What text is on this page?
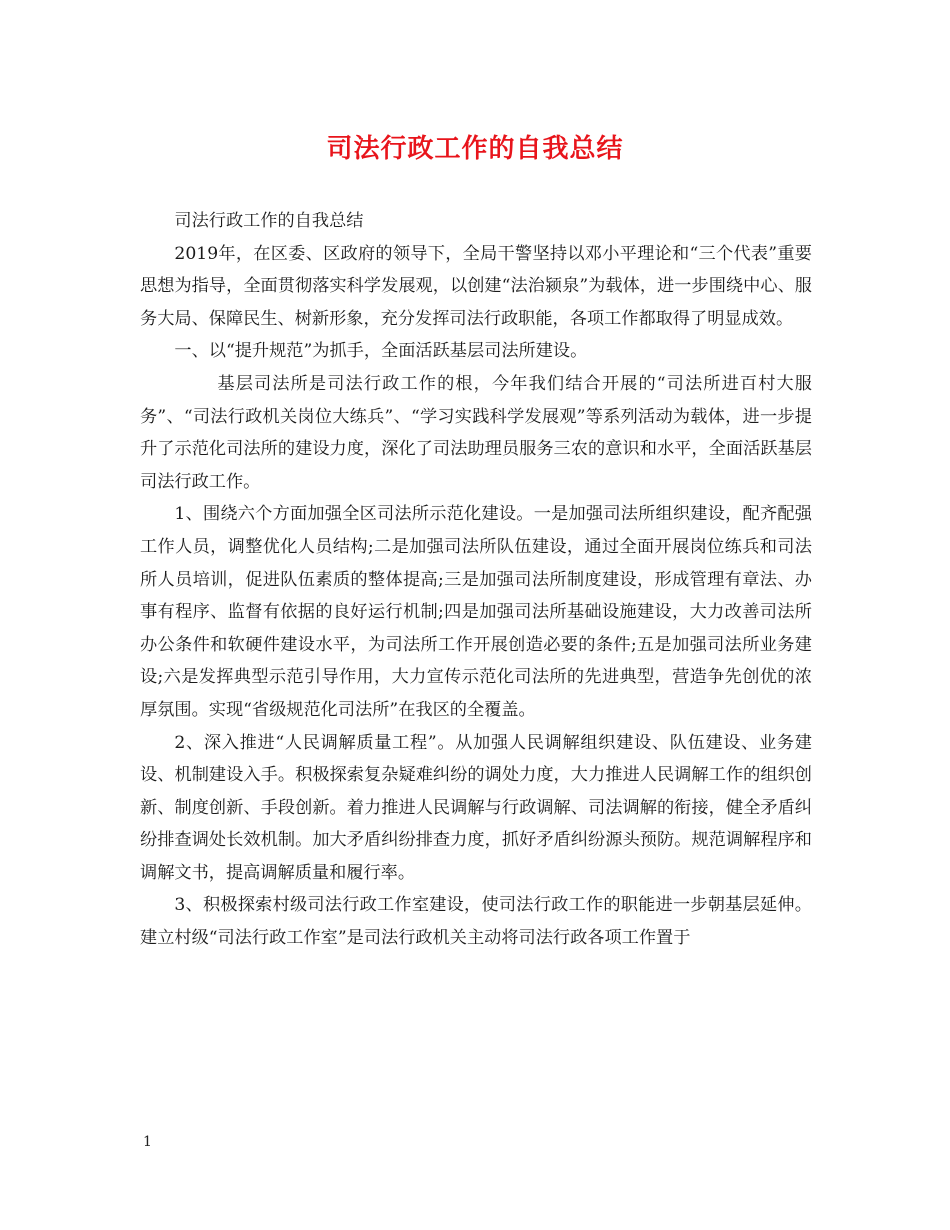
司法行政工作的自我总结

司法行政工作的自我总结

2019年，在区委、区政府的领导下，全局干警坚持以邓小平理论和“三个代表”重要思想为指导，全面贯彻落实科学发展观，以创建“法治颍泉”为载体，进一步围绕中心、服务大局、保障民生、树新形象，充分发挥司法行政职能，各项工作都取得了明显成效。

一、以“提升规范”为抓手，全面活跃基层司法所建设。

基层司法所是司法行政工作的根，今年我们结合开展的“司法所进百村大服务”、“司法行政机关岗位大练兵”、“学习实践科学发展观”等系列活动为载体，进一步提升了示范化司法所的建设力度，深化了司法助理员服务三农的意识和水平，全面活跃基层司法行政工作。

1、围绕六个方面加强全区司法所示范化建设。一是加强司法所组织建设，配齐配强工作人员，调整优化人员结构;二是加强司法所队伍建设，通过全面开展岗位练兵和司法所人员培训，促进队伍素质的整体提高;三是加强司法所制度建设，形成管理有章法、办事有程序、监督有依据的良好运行机制;四是加强司法所基础设施建设，大力改善司法所办公条件和软硬件建设水平，为司法所工作开展创造必要的条件;五是加强司法所业务建设;六是发挥典型示范引导作用，大力宣传示范化司法所的先进典型，营造争先创优的浓厚氛围。实现“省级规范化司法所”在我区的全覆盖。

2、深入推进“人民调解质量工程”。从加强人民调解组织建设、队伍建设、业务建设、机制建设入手。积极探索复杂疑难纠纷的调处力度，大力推进人民调解工作的组织创新、制度创新、手段创新。着力推进人民调解与行政调解、司法调解的衔接，健全矛盾纠纷排查调处长效机制。加大矛盾纠纷排查力度，抓好矛盾纠纷源头预防。规范调解程序和调解文书，提高调解质量和履行率。

3、积极探索村级司法行政工作室建设，使司法行政工作的职能进一步朝基层延伸。建立村级“司法行政工作室”是司法行政机关主动将司法行政各项工作置于

1
